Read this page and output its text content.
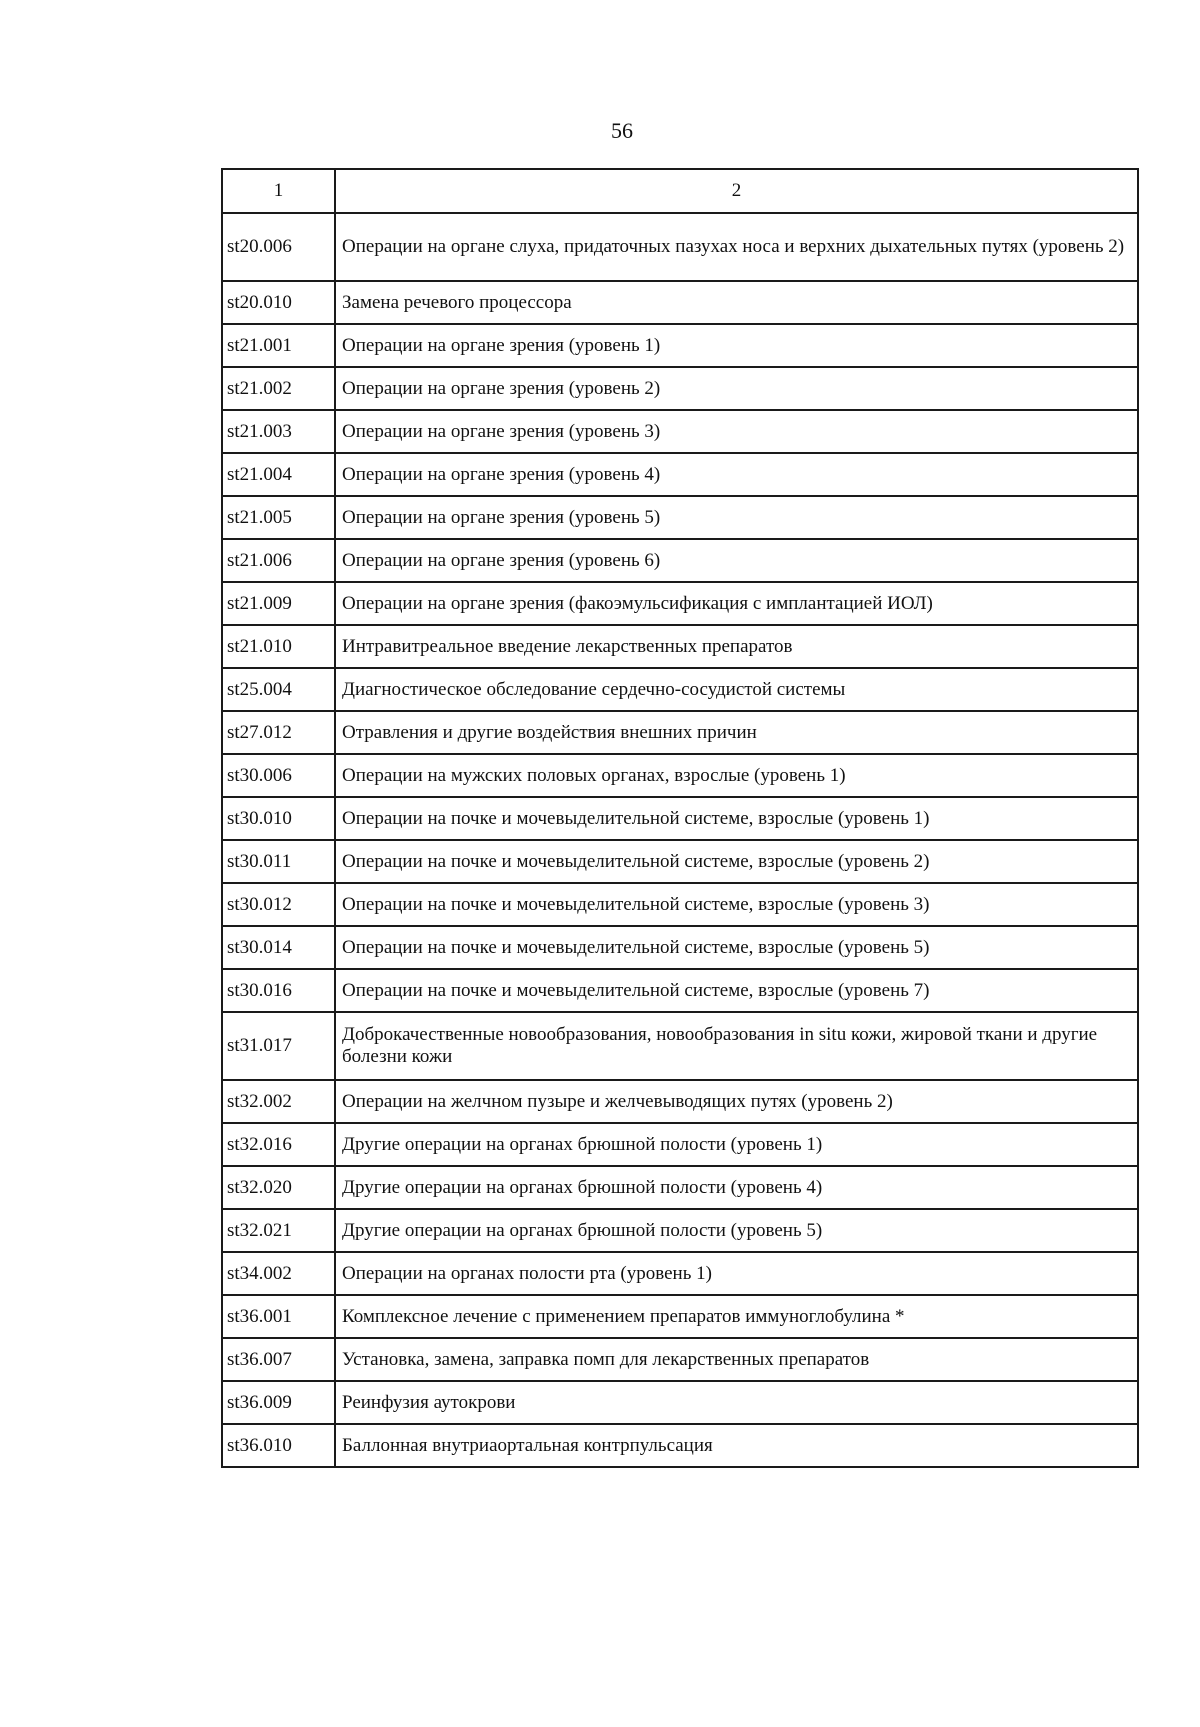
56
1	2
st20.006	Операции на органе слуха, придаточных пазухах носа и верхних дыхательных путях (уровень 2)
st20.010	Замена речевого процессора
st21.001	Операции на органе зрения (уровень 1)
st21.002	Операции на органе зрения (уровень 2)
st21.003	Операции на органе зрения (уровень 3)
st21.004	Операции на органе зрения (уровень 4)
st21.005	Операции на органе зрения (уровень 5)
st21.006	Операции на органе зрения (уровень 6)
st21.009	Операции на органе зрения (факоэмульсификация с имплантацией ИОЛ)
st21.010	Интравитреальное введение лекарственных препаратов
st25.004	Диагностическое обследование сердечно-сосудистой системы
st27.012	Отравления и другие воздействия внешних причин
st30.006	Операции на мужских половых органах, взрослые (уровень 1)
st30.010	Операции на почке и мочевыделительной системе, взрослые (уровень 1)
st30.011	Операции на почке и мочевыделительной системе, взрослые (уровень 2)
st30.012	Операции на почке и мочевыделительной системе, взрослые (уровень 3)
st30.014	Операции на почке и мочевыделительной системе, взрослые (уровень 5)
st30.016	Операции на почке и мочевыделительной системе, взрослые (уровень 7)
st31.017	Доброкачественные новообразования, новообразования in situ кожи, жировой ткани и другие болезни кожи
st32.002	Операции на желчном пузыре и желчевыводящих путях (уровень 2)
st32.016	Другие операции на органах брюшной полости (уровень 1)
st32.020	Другие операции на органах брюшной полости (уровень 4)
st32.021	Другие операции на органах брюшной полости (уровень 5)
st34.002	Операции на органах полости рта (уровень 1)
st36.001	Комплексное лечение с применением препаратов иммуноглобулина *
st36.007	Установка, замена, заправка помп для лекарственных препаратов
st36.009	Реинфузия аутокрови
st36.010	Баллонная внутриаортальная контрпульсация
